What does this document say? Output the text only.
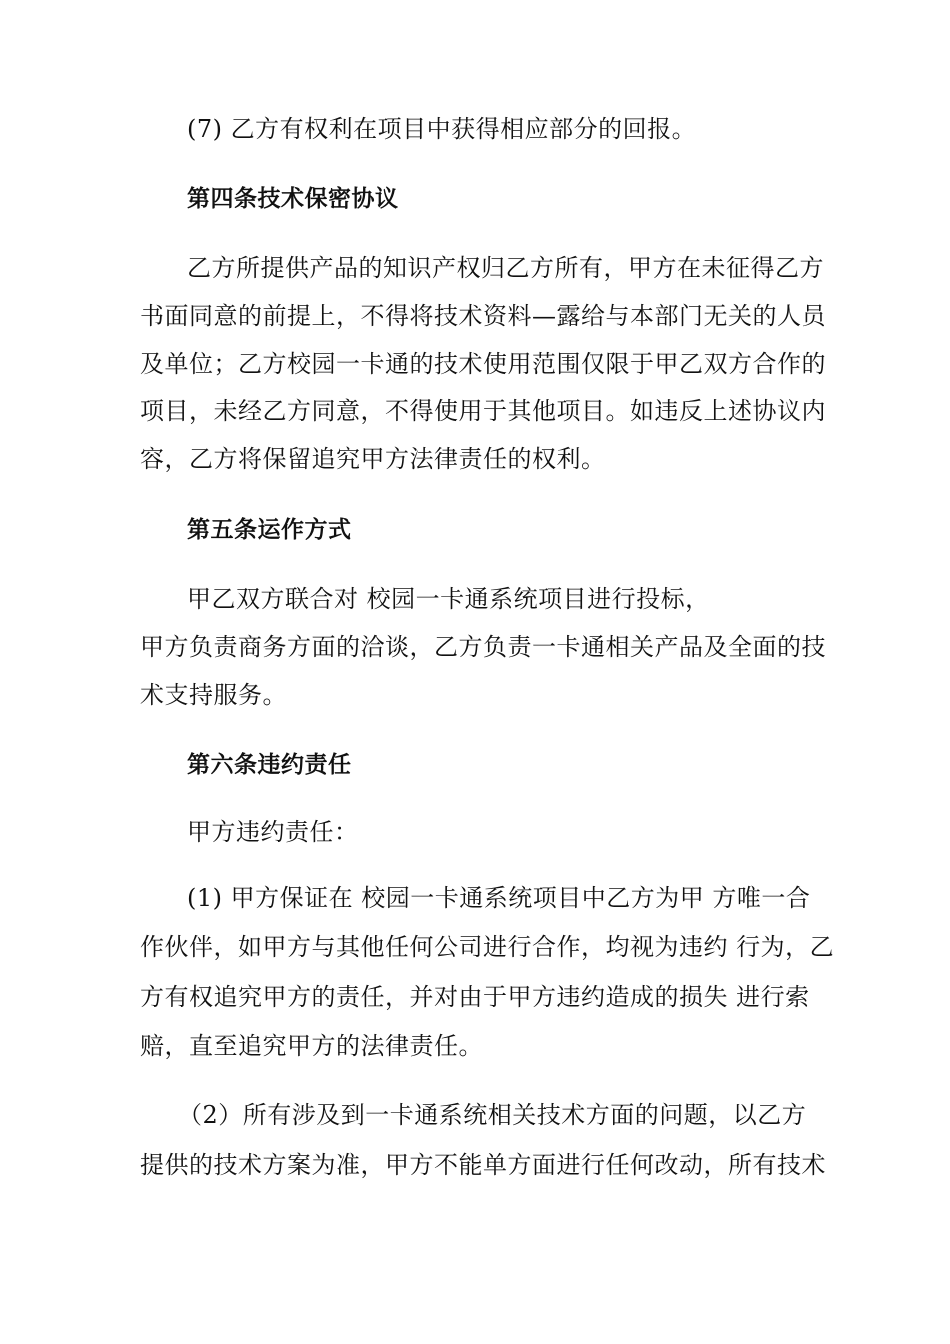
(7) 乙方有权利在项目中获得相应部分的回报。
第四条技术保密协议
乙方所提供产品的知识产权归乙方所有，甲方在未征得乙方
书面同意的前提上，不得将技术资料—露给与本部门无关的人员
及单位；乙方校园一卡通的技术使用范围仅限于甲乙双方合作的
项目，未经乙方同意，不得使用于其他项目。如违反上述协议内
容，乙方将保留追究甲方法律责任的权利。
第五条运作方式
甲乙双方联合对 校园一卡通系统项目进行投标，
甲方负责商务方面的洽谈，乙方负责一卡通相关产品及全面的技
术支持服务。
第六条违约责任
甲方违约责任：
(1) 甲方保证在 校园一卡通系统项目中乙方为甲 方唯一合
作伙伴，如甲方与其他任何公司进行合作，均视为违约 行为，乙
方有权追究甲方的责任，并对由于甲方违约造成的损失 进行索
赔，直至追究甲方的法律责任。
（2）所有涉及到一卡通系统相关技术方面的问题，以乙方
提供的技术方案为准，甲方不能单方面进行任何改动，所有技术
